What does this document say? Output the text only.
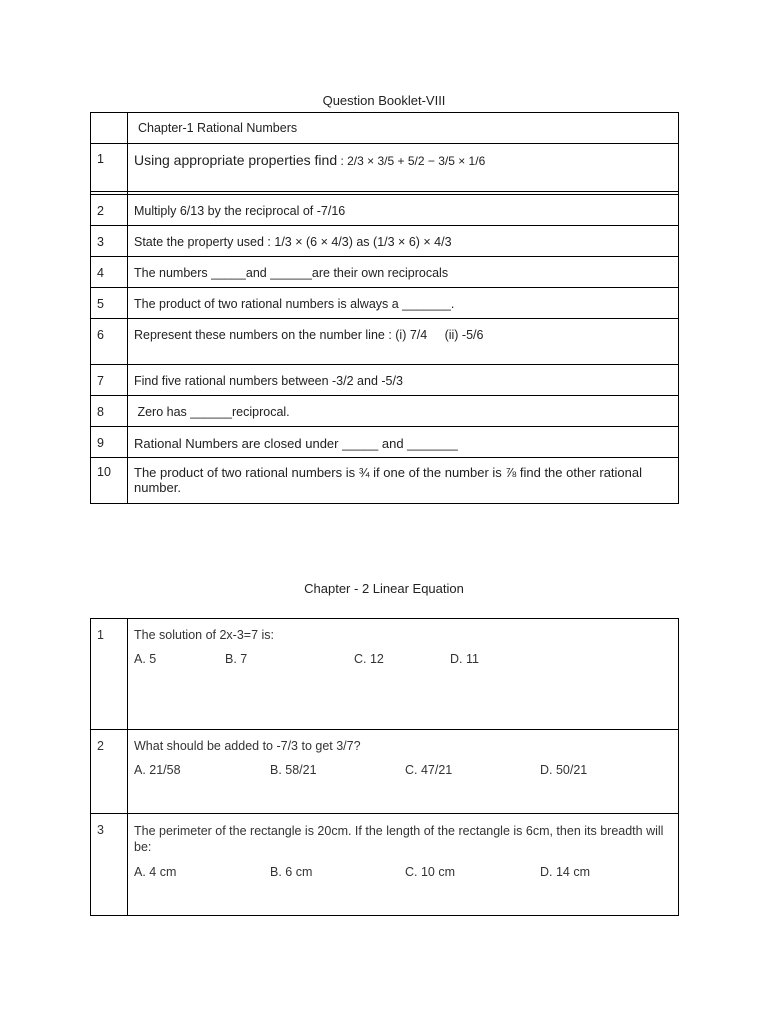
Question Booklet-VIII
	Chapter-1 Rational Numbers
1	Using appropriate properties find : 2/3 × 3/5 + 5/2 − 3/5 × 1/6

2	Multiply 6/13 by the reciprocal of -7/16
3	State the property used : 1/3 × (6 × 4/3) as (1/3 × 6) × 4/3
4	The numbers _____and ______are their own reciprocals
5	The product of two rational numbers is always a _______.
6	Represent these numbers on the number line : (i) 7/4     (ii) -5/6
7	Find five rational numbers between -3/2 and -5/3
8	Zero has ______reciprocal.
9	Rational Numbers are closed under _____ and _______
10	The product of two rational numbers is ¾ if one of the number is ⅞ find the other rational number.
Chapter - 2 Linear Equation
1	The solution of 2x-3=7 is:
A. 5 B. 7 C. 12 D. 11

2	What should be added to -7/3 to get 3/7?
A. 21/58 B. 58/21 C. 47/21 D. 50/21

3	The perimeter of the rectangle is 20cm. If the length of the rectangle is 6cm, then its breadth will be:
A. 4 cm B. 6 cm C. 10 cm D. 14 cm
